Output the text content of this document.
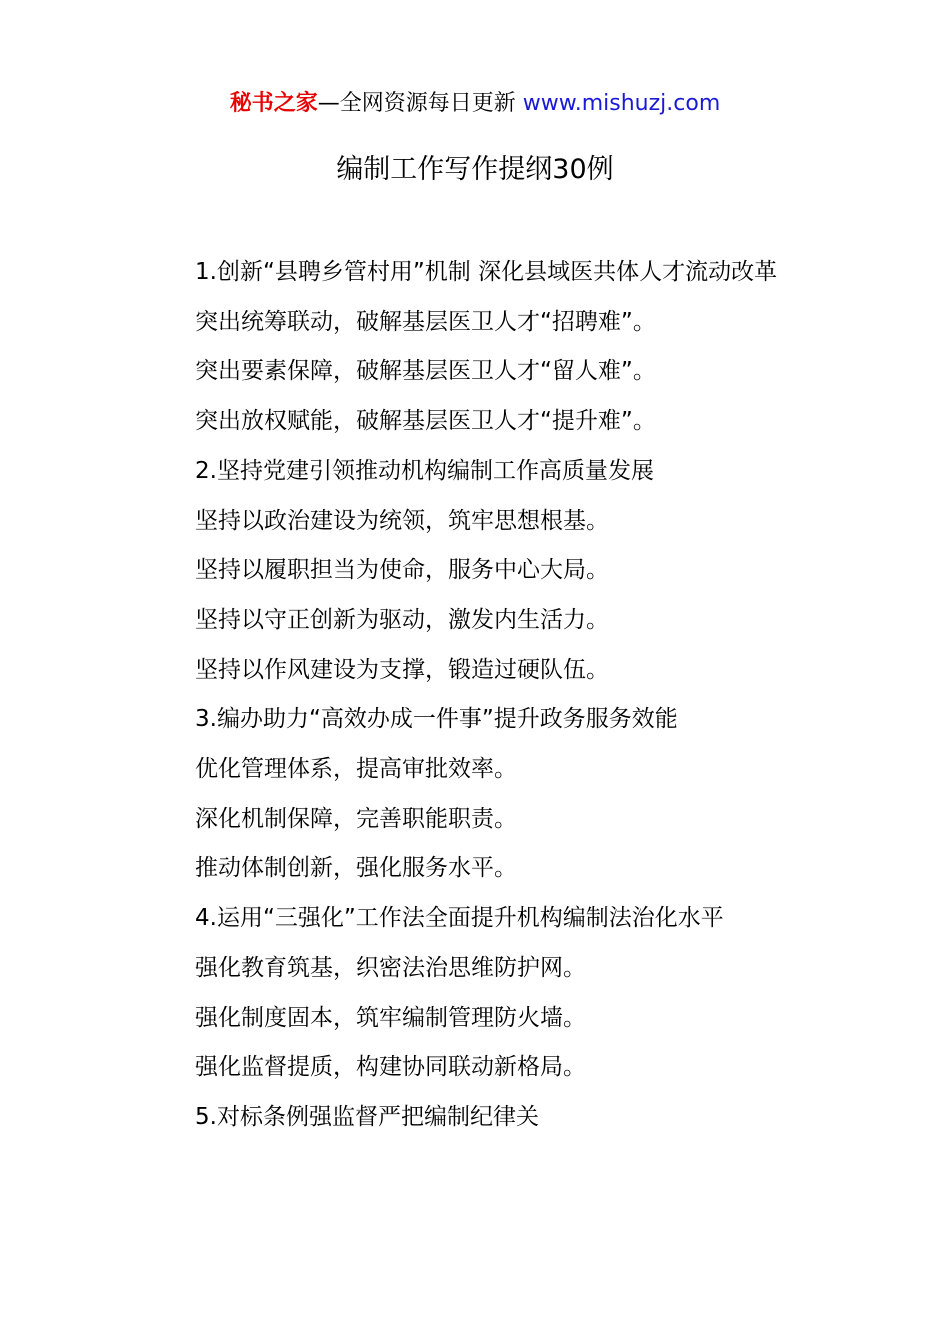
秘书之家—全网资源每日更新 www.mishuzj.com
编制工作写作提纲30例

1.创新“县聘乡管村用”机制 深化县域医共体人才流动改革

突出统筹联动，破解基层医卫人才“招聘难”。

突出要素保障，破解基层医卫人才“留人难”。

突出放权赋能，破解基层医卫人才“提升难”。

2.坚持党建引领推动机构编制工作高质量发展

坚持以政治建设为统领，筑牢思想根基。

坚持以履职担当为使命，服务中心大局。

坚持以守正创新为驱动，激发内生活力。

坚持以作风建设为支撑，锻造过硬队伍。

3.编办助力“高效办成一件事”提升政务服务效能

优化管理体系，提高审批效率。

深化机制保障，完善职能职责。

推动体制创新，强化服务水平。

4.运用“三强化”工作法全面提升机构编制法治化水平

强化教育筑基，织密法治思维防护网。

强化制度固本，筑牢编制管理防火墙。

强化监督提质，构建协同联动新格局。

5.对标条例强监督严把编制纪律关
